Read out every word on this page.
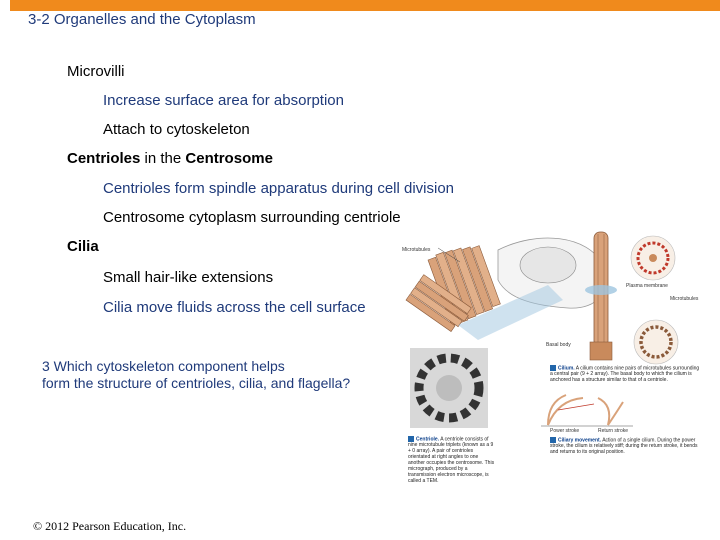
3-2 Organelles and the Cytoplasm
Microvilli
Increase surface area for absorption
Attach to cytoskeleton
Centrioles in the Centrosome
Centrioles form spindle apparatus during cell division
Centrosome cytoplasm surrounding centriole
Cilia
Small hair-like extensions
Cilia move fluids across the cell surface
3 Which cytoskeleton component helps
form the structure of centrioles, cilia, and flagella?
© 2012 Pearson Education, Inc.
Microtubules
Plasma membrane
Microtubules
Basal body
Power stroke	Return stroke
Cilium. A cilium contains nine pairs of microtubules surrounding a central pair (9 + 2 array). The basal body to which the cilium is anchored has a structure similar to that of a centriole.
Centriole. A centriole consists of nine microtubule triplets (known as a 9 + 0 array). A pair of centrioles orientated at right angles to one another occupies the centrosome. This micrograph, produced by a transmission electron microscope, is called a TEM.
Ciliary movement. Action of a single cilium. During the power stroke, the cilium is relatively stiff; during the return stroke, it bends and returns to its original position.
